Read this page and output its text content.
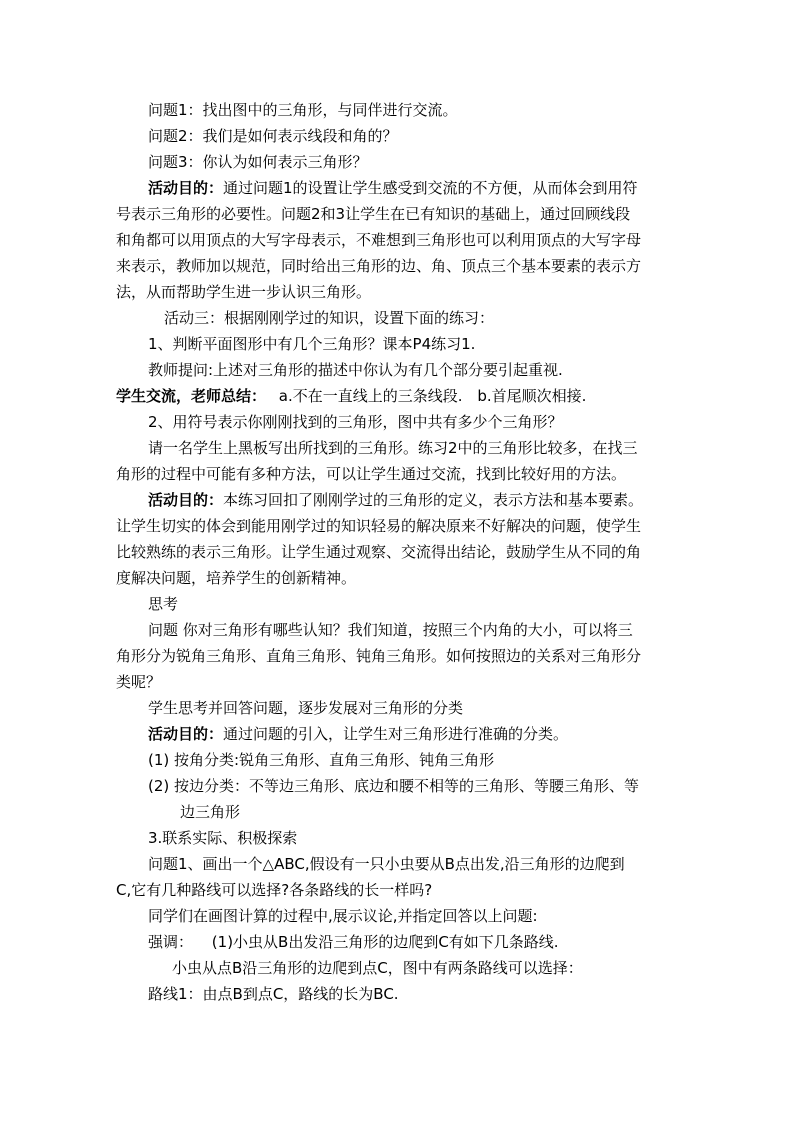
问题1：找出图中的三角形，与同伴进行交流。
问题2：我们是如何表示线段和角的？
问题3：你认为如何表示三角形？
活动目的：通过问题1的设置让学生感受到交流的不方便，从而体会到用符
号表示三角形的必要性。问题2和3让学生在已有知识的基础上，通过回顾线段
和角都可以用顶点的大写字母表示，不难想到三角形也可以利用顶点的大写字母
来表示，教师加以规范，同时给出三角形的边、角、顶点三个基本要素的表示方
法，从而帮助学生进一步认识三角形。
活动三：根据刚刚学过的知识，设置下面的练习：
1、判断平面图形中有几个三角形？课本P4练习1.
教师提问:上述对三角形的描述中你认为有几个部分要引起重视.
学生交流，老师总结： a.不在一直线上的三条线段. b.首尾顺次相接.
2、用符号表示你刚刚找到的三角形，图中共有多少个三角形？
请一名学生上黑板写出所找到的三角形。练习2中的三角形比较多，在找三
角形的过程中可能有多种方法，可以让学生通过交流，找到比较好用的方法。
活动目的：本练习回扣了刚刚学过的三角形的定义，表示方法和基本要素。
让学生切实的体会到能用刚学过的知识轻易的解决原来不好解决的问题，使学生
比较熟练的表示三角形。让学生通过观察、交流得出结论，鼓励学生从不同的角
度解决问题，培养学生的创新精神。
思考
问题 你对三角形有哪些认知？我们知道，按照三个内角的大小，可以将三
角形分为锐角三角形、直角三角形、钝角三角形。如何按照边的关系对三角形分
类呢？
学生思考并回答问题，逐步发展对三角形的分类
活动目的：通过问题的引入，让学生对三角形进行准确的分类。
(1) 按角分类:锐角三角形、直角三角形、钝角三角形
(2) 按边分类：不等边三角形、底边和腰不相等的三角形、等腰三角形、等
边三角形
3.联系实际、积极探索
问题1、画出一个△ABC,假设有一只小虫要从B点出发,沿三角形的边爬到
C,它有几种路线可以选择?各条路线的长一样吗?
同学们在画图计算的过程中,展示议论,并指定回答以上问题:
强调： (1)小虫从B出发沿三角形的边爬到C有如下几条路线.
小虫从点B沿三角形的边爬到点C，图中有两条路线可以选择：
路线1：由点B到点C，路线的长为BC.
